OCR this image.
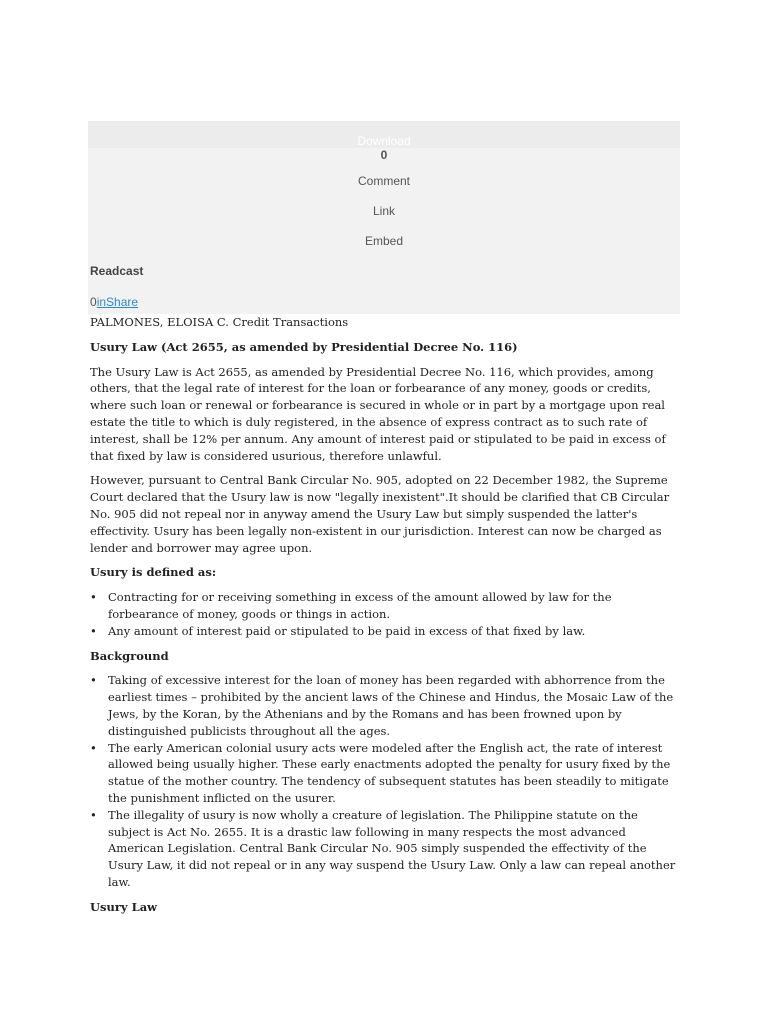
Download
0
Comment
Link
Embed
Readcast
0inShare

PALMONES, ELOISA C. Credit Transactions

Usury Law (Act 2655, as amended by Presidential Decree No. 116)

The Usury Law is Act 2655, as amended by Presidential Decree No. 116, which provides, among others, that the legal rate of interest for the loan or forbearance of any money, goods or credits, where such loan or renewal or forbearance is secured in whole or in part by a mortgage upon real estate the title to which is duly registered, in the absence of express contract as to such rate of interest, shall be 12% per annum. Any amount of interest paid or stipulated to be paid in excess of that fixed by law is considered usurious, therefore unlawful.

However, pursuant to Central Bank Circular No. 905, adopted on 22 December 1982, the Supreme Court declared that the Usury law is now "legally inexistent".It should be clarified that CB Circular No. 905 did not repeal nor in anyway amend the Usury Law but simply suspended the latter's effectivity. Usury has been legally non-existent in our jurisdiction. Interest can now be charged as lender and borrower may agree upon.

Usury is defined as:
• Contracting for or receiving something in excess of the amount allowed by law for the forbearance of money, goods or things in action.
• Any amount of interest paid or stipulated to be paid in excess of that fixed by law.
Background
• Taking of excessive interest for the loan of money has been regarded with abhorrence from the earliest times – prohibited by the ancient laws of the Chinese and Hindus, the Mosaic Law of the Jews, by the Koran, by the Athenians and by the Romans and has been frowned upon by distinguished publicists throughout all the ages.
• The early American colonial usury acts were modeled after the English act, the rate of interest allowed being usually higher. These early enactments adopted the penalty for usury fixed by the statue of the mother country. The tendency of subsequent statutes has been steadily to mitigate the punishment inflicted on the usurer.
• The illegality of usury is now wholly a creature of legislation. The Philippine statute on the subject is Act No. 2655. It is a drastic law following in many respects the most advanced American Legislation. Central Bank Circular No. 905 simply suspended the effectivity of the Usury Law, it did not repeal or in any way suspend the Usury Law. Only a law can repeal another law.
Usury Law
